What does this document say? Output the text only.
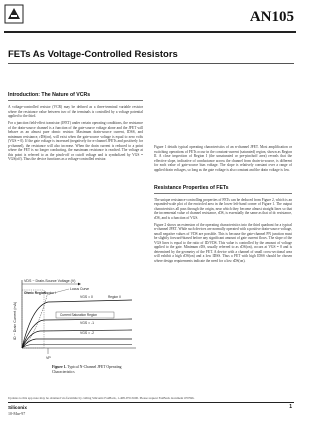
AN105
FETs As Voltage-Controlled Resistors
Introduction: The Nature of VCRs

A voltage-controlled resistor (VCR) may be defined as a three-terminal variable resistor where the resistance value between two of the terminals is controlled by a voltage potential applied to the third.

For a junction field-effect transistor (JFET) under certain operating conditions, the resistance of the drain-source channel is a function of the gate-source voltage alone and the JFET will behave as an almost pure ohmic resistor. Maximum drain-source current, IDSS, and minimum resistance, rDS(on), will exist when the gate-source voltage is equal to zero volts (VGS = 0). If the gate voltage is increased (negatively for n-channel JFETs and positively for p-channel), the resistance will also increase. When the drain current is reduced to a point where the FET is no longer conducting, the maximum resistance is reached. The voltage at this point is referred to as the pinch-off or cutoff voltage and is symbolized by VGS = VGS(off). Thus the device functions as a voltage-controlled resistor.

Figure 1 details typical operating characteristics of an n-channel JFET. Most amplification or switching operations of FETs occur in the constant-current (saturated) region, shown as Region II. A close inspection of Region I (the unsaturated or pre-pinchoff area) reveals that the effective slope, indicative of conductance across the channel from drain-to-source, is different for each value of gate-source bias voltage. The slope is relatively constant over a range of applied drain voltages, so long as the gate voltage is also constant and the drain voltage is low.

Resistance Properties of FETs

The unique resistance-controlling properties of FETs can be deduced from Figure 2, which is an expanded-scale plot of the encircled area in the lower left-hand corner of Figure 1. The output characteristics all pass through the origin, near which they become almost straight lines so that the incremental value of channel resistance, rDS, is essentially the same as that of dc resistance, rDS, and is a function of VGS.

Figure 2 shows an extension of the operating characteristics into the third quadrant for a typical n-channel JFET. While such devices are normally operated with a positive drain-source voltage, small negative values of VDS are possible. This is because the gate-channel PN junction must be slightly forward-biased before any significant amount of gate current flows. The slope of the VGS lines is equal to the ratio of ID/VDS. This value is controlled by the amount of voltage applied to the gate. Minimum rDS, usually referred to as rDS(on), occurs at VGS = 0 and is determined by the geometry of the FET. A device with a channel of small cross-sectional area will exhibit a high rDS(on) and a low IDSS. Thus a FET with high IDSS should be chosen where design requirements indicate the need for a low rDS(on).

VDS − Drain-Source Voltage (V)
ID − Drain Current (mA)
Ohmic Region
Region I
Locus Curve
Region II
Current Saturation Region
VGS = 0
VGS = -1
VGS = -2
VP
Figure 1. Typical N-Channel JFET Operating Characteristics
Updates to this app note may be obtained via facsimile by calling Siliconix FaxBack, 1-408-970-5600. Please request FaxBack document #70596.
Siliconix
10-Mar-97
1
